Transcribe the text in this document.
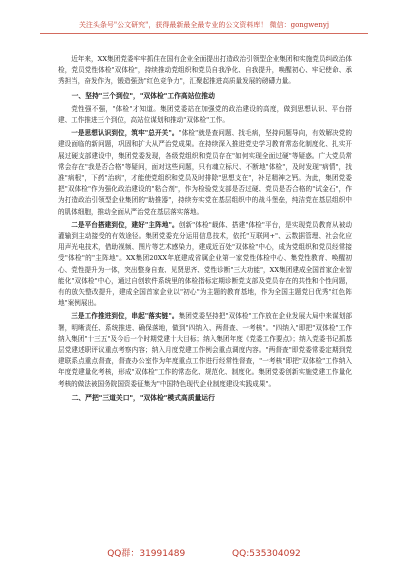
关注头条号"公文研究"，获得最新最全最专业的公文资料库！ 微信：gongwenyj

近年来，XX集团党委牢牢抓住在国有企业全面提出打造政治引领型企业集团和实施党员纠政治体检，党员党性体检"双体检"，持续推动党组织和党员自我净化、自我提升，唤醒初心、牢记使命、承秀担当，奋发作为，锻造强劲"红色竞争力"，汇聚起推进高质量发展的磅礴力量。

一、坚持"三个到位"，"双体检"工作高站位推动

党性强不强，"体检"才知道。集团党委站在加强党的政治建设的高度，做到思想认识、平台搭建、工作推进三个到位，高站位谋划和推动"双体检"工作。

一是思想认识到位，筑牢"总开关"。"体检"就是查问题、找毛病，坚持问题导向，有效解决党的建设面临的新问题，巩固和扩大从严治党成果。在持续深入推进党史学习教育常态化制度化、扎实开展过硬支部建设中，集团党委发现，各级党组织和党员存在"如何实现全面过硬"等疑惑。广大党员常常会存在"我是否合格"等疑问，面对这些问题，只有魂立标尺、不断地"体检"，及时发现"病情"，找准"病根"，下药"治病"，才能使党组织和党员及时排除"思想支在"，补足精神之钙。为此，集团党委把"双体检"作为强化政治建设的"粘合剂"，作为检验党支部是否过硬、党员是否合格的"试金石"，作为打造政治引领型企业集团的"助推器"，持续夯实党在基层组织中的战斗堡垒，纯洁党在基层组织中的肌体细胞，推动全面从严治党在基层落实落地。

二是平台搭建到位，建好"主阵地"。创新"体检"载体、搭建"体检"平台，是实现党员教育从被动灌输到主动接受的有效途径。集团党委充分运用信息技术，依托"互联网+"、云数据管理、社会化应用声光电技术，借助视频、图片等艺术感染力，建成近百处"双体检"中心，成为党组织和党员经常接受"体检"的"主阵地"。XX集团20XX年底建成省属企业第一家党性体检中心、集党性教育、唤醒初心、党性提升为一体，突出整身自查、见贤思齐、党性诊断"三大功能"，XX集团建成全国首家企业智能化"双体检"中心，通过自创软件系统里的体检指标定期诊断党支部及党员存在的共性和个性问题，有的放矢整改提升，建成全国首家企业以"初心"为主题的教育基地，作为全国主题党日优秀"红色阵地"案例展出。

三是工作推进到位，串起"落实链"。集团党委坚持把"双体检"工作放在企业发展大局中来谋划部署，明晰责任、系统推进、确保落地，做到"四纳入、两督查、一考核"。"四纳入"即把"双体检"工作纳入集团"十三五"及今后一个时期党建十大目标；纳入集团年度《党委工作要点》；纳入党委书记抓基层党建述职评议重点考察内容；纳入月度党建工作例会重点调度内容。"两督查"即党委常委定期到党建联系点重点督查，督查办公室作为年度重点工作进行经常性督查，"一考核"即把"双体检"工作纳入年度党建量化考核，形成"双体检"工作的常态化、规范化、制度化。集团党委创新实施党建工作量化考核的做法被国务院国资委征集为"中国特色现代企业制度建设实践成果"。

二、严把"三道关口"，"双体检"模式高质量运行
QQ群：31991489	QQ:535304092
